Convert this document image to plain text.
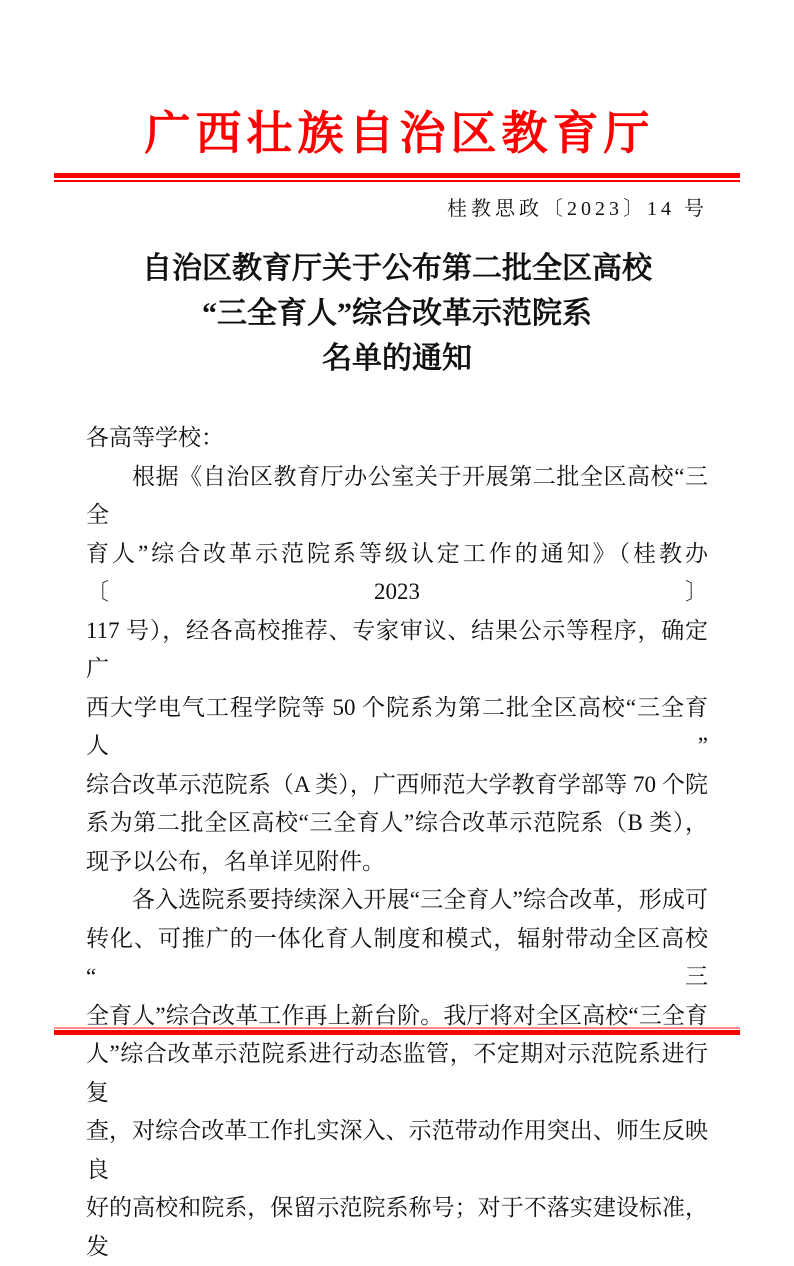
广西壮族自治区教育厅
桂教思政〔2023〕14 号
自治区教育厅关于公布第二批全区高校
“三全育人”综合改革示范院系
名单的通知
各高等学校：
根据《自治区教育厅办公室关于开展第二批全区高校“三全
育人”综合改革示范院系等级认定工作的通知》（桂教办〔2023〕
117 号），经各高校推荐、专家审议、结果公示等程序，确定广
西大学电气工程学院等 50 个院系为第二批全区高校“三全育人”
综合改革示范院系（A 类），广西师范大学教育学部等 70 个院
系为第二批全区高校“三全育人”综合改革示范院系（B 类），
现予以公布，名单详见附件。
各入选院系要持续深入开展“三全育人”综合改革，形成可
转化、可推广的一体化育人制度和模式，辐射带动全区高校“三
全育人”综合改革工作再上新台阶。我厅将对全区高校“三全育
人”综合改革示范院系进行动态监管，不定期对示范院系进行复
查，对综合改革工作扎实深入、示范带动作用突出、师生反映良
好的高校和院系，保留示范院系称号；对于不落实建设标准，发
